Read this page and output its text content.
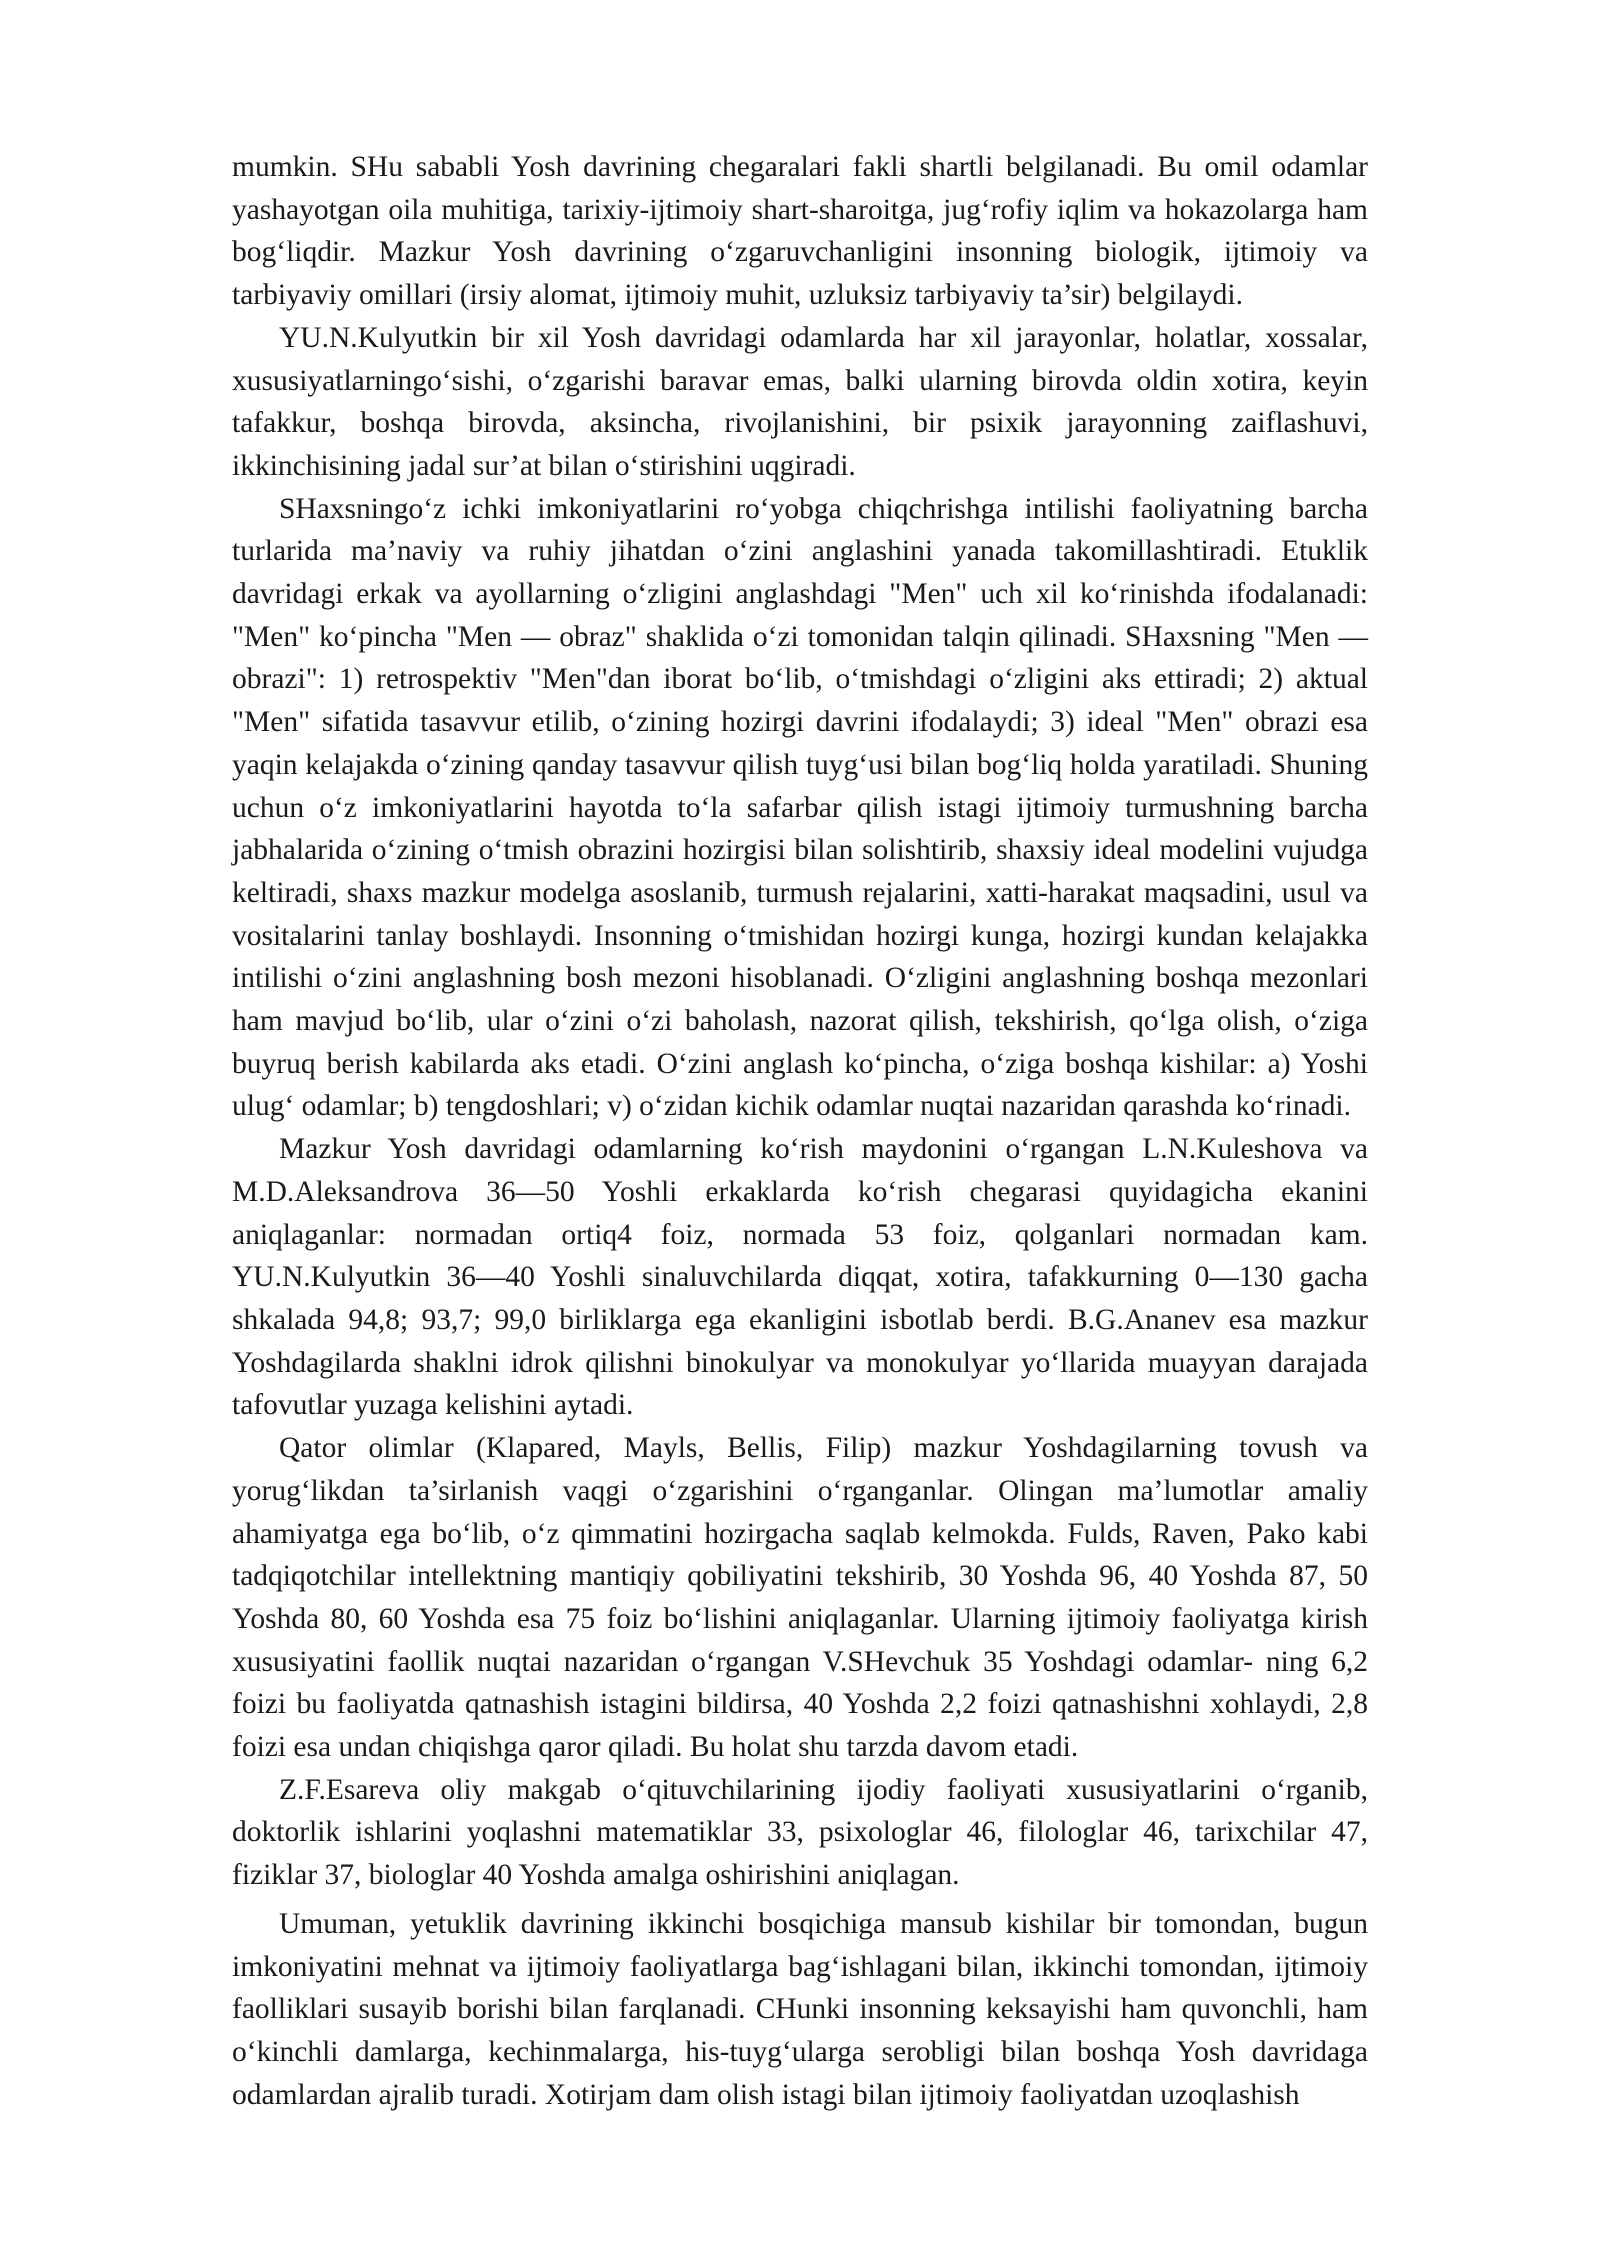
mumkin. SHu sababli Yosh davrining chegaralari fakli shartli belgilanadi. Bu omil odamlar yashayotgan oila muhitiga, tarixiy-ijtimoiy shart-sharoitga, jug‘rofiy iqlim va hokazolarga ham bog‘liqdir. Mazkur Yosh davrining o‘zgaruvchanligini insonning biologik, ijtimoiy va tarbiyaviy omillari (irsiy alomat, ijtimoiy muhit, uzluksiz tarbiyaviy ta’sir) belgilaydi.

YU.N.Kulyutkin bir xil Yosh davridagi odamlarda har xil jarayonlar, holatlar, xossalar, xususiyatlarningo‘sishi, o‘zgarishi baravar emas, balki ularning birovda oldin xotira, keyin tafakkur, boshqa birovda, aksincha, rivojlanishini, bir psixik jarayonning zaiflashuvi, ikkinchisining jadal sur’at bilan o‘stirishini uqgiradi.

SHaxsningo‘z ichki imkoniyatlarini ro‘yobga chiqchrishga intilishi faoliyatning barcha turlarida ma’naviy va ruhiy jihatdan o‘zini anglashini yanada takomillashtiradi. Etuklik davridagi erkak va ayollarning o‘zligini anglashdagi "Men" uch xil ko‘rinishda ifodalanadi: "Men" ko‘pincha "Men — obraz" shaklida o‘zi tomonidan talqin qilinadi. SHaxsning "Men — obrazi": 1) retrospektiv "Men"dan iborat bo‘lib, o‘tmishdagi o‘zligini aks ettiradi; 2) aktual "Men" sifatida tasavvur etilib, o‘zining hozirgi davrini ifodalaydi; 3) ideal "Men" obrazi esa yaqin kelajakda o‘zining qanday tasavvur qilish tuyg‘usi bilan bog‘liq holda yaratiladi. Shuning uchun o‘z imkoniyatlarini hayotda to‘la safarbar qilish istagi ijtimoiy turmushning barcha jabhalarida o‘zining o‘tmish obrazini hozirgisi bilan solishtirib, shaxsiy ideal modelini vujudga keltiradi, shaxs mazkur modelga asoslanib, turmush rejalarini, xatti-harakat maqsadini, usul va vositalarini tanlay boshlaydi. Insonning o‘tmishidan hozirgi kunga, hozirgi kundan kelajakka intilishi o‘zini anglashning bosh mezoni hisoblanadi. O‘zligini anglashning boshqa mezonlari ham mavjud bo‘lib, ular o‘zini o‘zi baholash, nazorat qilish, tekshirish, qo‘lga olish, o‘ziga buyruq berish kabilarda aks etadi. O‘zini anglash ko‘pincha, o‘ziga boshqa kishilar: a) Yoshi ulug‘ odamlar; b) tengdoshlari; v) o‘zidan kichik odamlar nuqtai nazaridan qarashda ko‘rinadi.

Mazkur Yosh davridagi odamlarning ko‘rish maydonini o‘rgangan L.N.Kuleshova va M.D.Aleksandrova 36—50 Yoshli erkaklarda ko‘rish chegarasi quyidagicha ekanini aniqlaganlar: normadan ortiq4 foiz, normada 53 foiz, qolganlari normadan kam. YU.N.Kulyutkin 36—40 Yoshli sinaluvchilarda diqqat, xotira, tafakkurning 0—130 gacha shkalada 94,8; 93,7; 99,0 birliklarga ega ekanligini isbotlab berdi. B.G.Ananev esa mazkur Yoshdagilarda shaklni idrok qilishni binokulyar va monokulyar yo‘llarida muayyan darajada tafovutlar yuzaga kelishini aytadi.

Qator olimlar (Klapared, Mayls, Bellis, Filip) mazkur Yoshdagilarning tovush va yorug‘likdan ta’sirlanish vaqgi o‘zgarishini o‘rganganlar. Olingan ma’lumotlar amaliy ahamiyatga ega bo‘lib, o‘z qimmatini hozirgacha saqlab kelmokda. Fulds, Raven, Pako kabi tadqiqotchilar intellektning mantiqiy qobiliyatini tekshirib, 30 Yoshda 96, 40 Yoshda 87, 50 Yoshda 80, 60 Yoshda esa 75 foiz bo‘lishini aniqlaganlar. Ularning ijtimoiy faoliyatga kirish xususiyatini faollik nuqtai nazaridan o‘rgangan V.SHevchuk 35 Yoshdagi odamlar- ning 6,2 foizi bu faoliyatda qatnashish istagini bildirsa, 40 Yoshda 2,2 foizi qatnashishni xohlaydi, 2,8 foizi esa undan chiqishga qaror qiladi. Bu holat shu tarzda davom etadi.

Z.F.Esareva oliy makgab o‘qituvchilarining ijodiy faoliyati xususiyatlarini o‘rganib, doktorlik ishlarini yoqlashni matematiklar 33, psixologlar 46, filologlar 46, tarixchilar 47, fiziklar 37, biologlar 40 Yoshda amalga oshirishini aniqlagan.

Umuman, yetuklik davrining ikkinchi bosqichiga mansub kishilar bir tomondan, bugun imkoniyatini mehnat va ijtimoiy faoliyatlarga bag‘ishlagani bilan, ikkinchi tomondan, ijtimoiy faolliklari susayib borishi bilan farqlanadi. CHunki insonning keksayishi ham quvonchli, ham o‘kinchli damlarga, kechinmalarga, his-tuyg‘ularga serobligi bilan boshqa Yosh davridaga odamlardan ajralib turadi. Xotirjam dam olish istagi bilan ijtimoiy faoliyatdan uzoqlashish
